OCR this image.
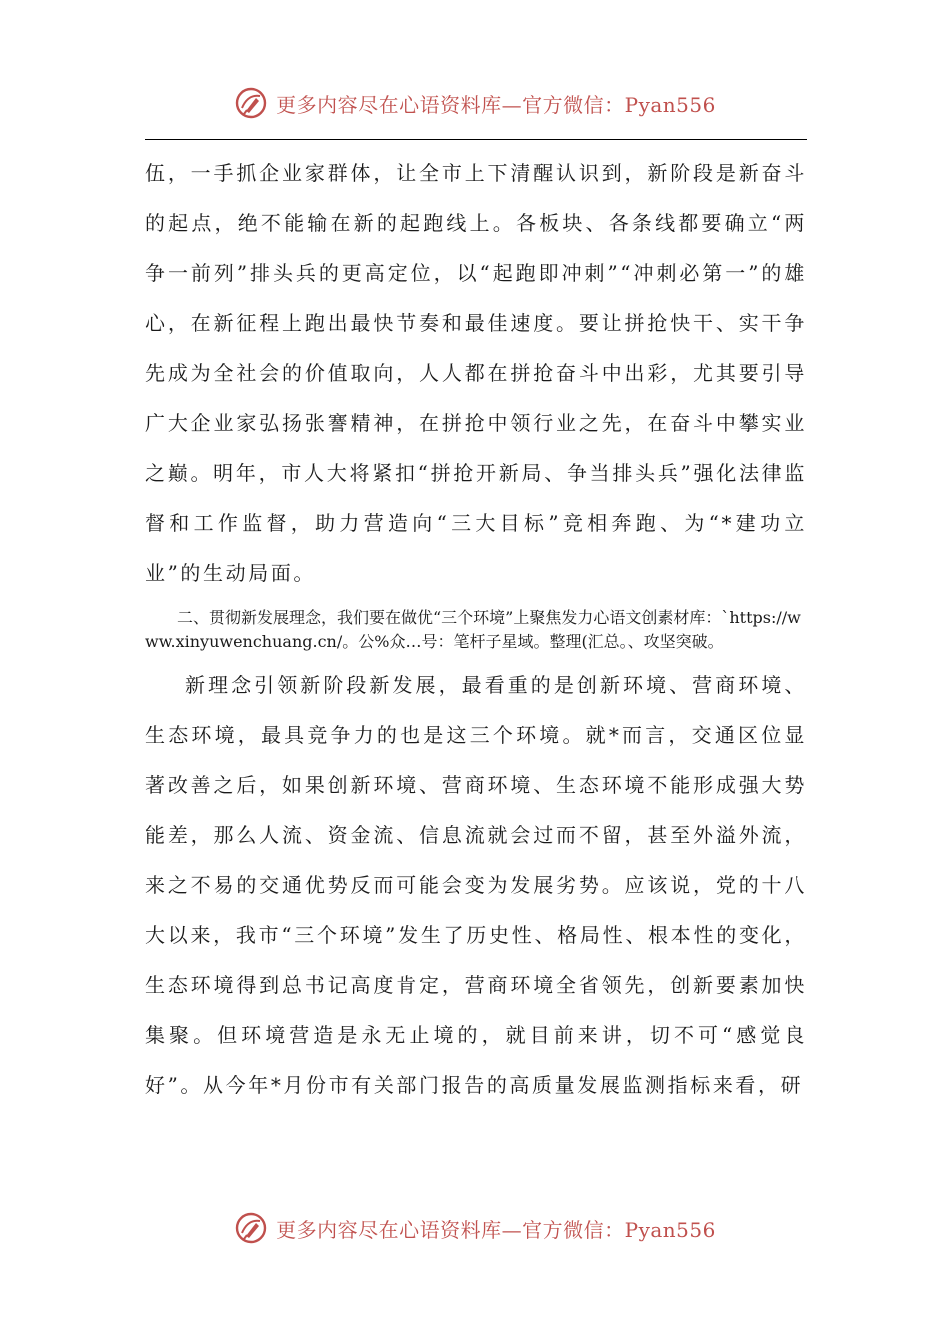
更多内容尽在心语资料库—官方微信：Pyan556

伍，一手抓企业家群体，让全市上下清醒认识到，新阶段是新奋斗的起点，绝不能输在新的起跑线上。各板块、各条线都要确立“两争一前列”排头兵的更高定位，以“起跑即冲刺”“冲刺必第一”的雄心，在新征程上跑出最快节奏和最佳速度。要让拼抢快干、实干争先成为全社会的价值取向，人人都在拼抢奋斗中出彩，尤其要引导广大企业家弘扬张謇精神，在拼抢中领行业之先，在奋斗中攀实业之巅。明年，市人大将紧扣“拼抢开新局、争当排头兵”强化法律监督和工作监督，助力营造向“三大目标”竞相奔跑、为“*建功立业”的生动局面。

二、贯彻新发展理念，我们要在做优“三个环境”上聚焦发力心语文创素材库：`https://www.xinyuwenchuang.cn/。公%众…号：笔杆子星域。整理(汇总。、攻坚突破。

新理念引领新阶段新发展，最看重的是创新环境、营商环境、生态环境，最具竞争力的也是这三个环境。就*而言，交通区位显著改善之后，如果创新环境、营商环境、生态环境不能形成强大势能差，那么人流、资金流、信息流就会过而不留，甚至外溢外流，来之不易的交通优势反而可能会变为发展劣势。应该说，党的十八大以来，我市“三个环境”发生了历史性、格局性、根本性的变化，生态环境得到总书记高度肯定，营商环境全省领先，创新要素加快集聚。但环境营造是永无止境的，就目前来讲，切不可“感觉良好”。从今年*月份市有关部门报告的高质量发展监测指标来看，研

更多内容尽在心语资料库—官方微信：Pyan556
